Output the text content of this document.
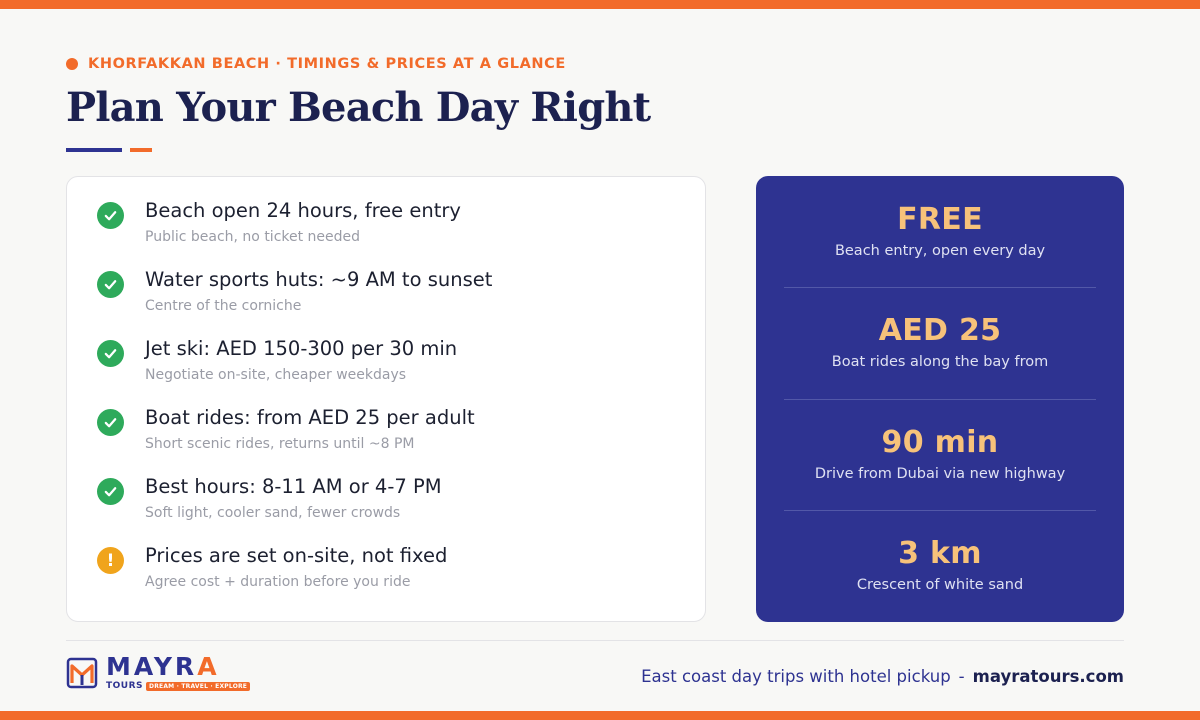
KHORFAKKAN BEACH · TIMINGS & PRICES AT A GLANCE
Plan Your Beach Day Right
Beach open 24 hours, free entry
Public beach, no ticket needed
Water sports huts: ~9 AM to sunset
Centre of the corniche
Jet ski: AED 150-300 per 30 min
Negotiate on-site, cheaper weekdays
Boat rides: from AED 25 per adult
Short scenic rides, returns until ~8 PM
Best hours: 8-11 AM or 4-7 PM
Soft light, cooler sand, fewer crowds
!	Prices are set on-site, not fixed
Agree cost + duration before you ride
FREE
Beach entry, open every day
AED 25
Boat rides along the bay from
90 min
Drive from Dubai via new highway
3 km
Crescent of white sand
MAYRA
TOURS	DREAM · TRAVEL · EXPLORE	East coast day trips with hotel pickup - mayratours.com
